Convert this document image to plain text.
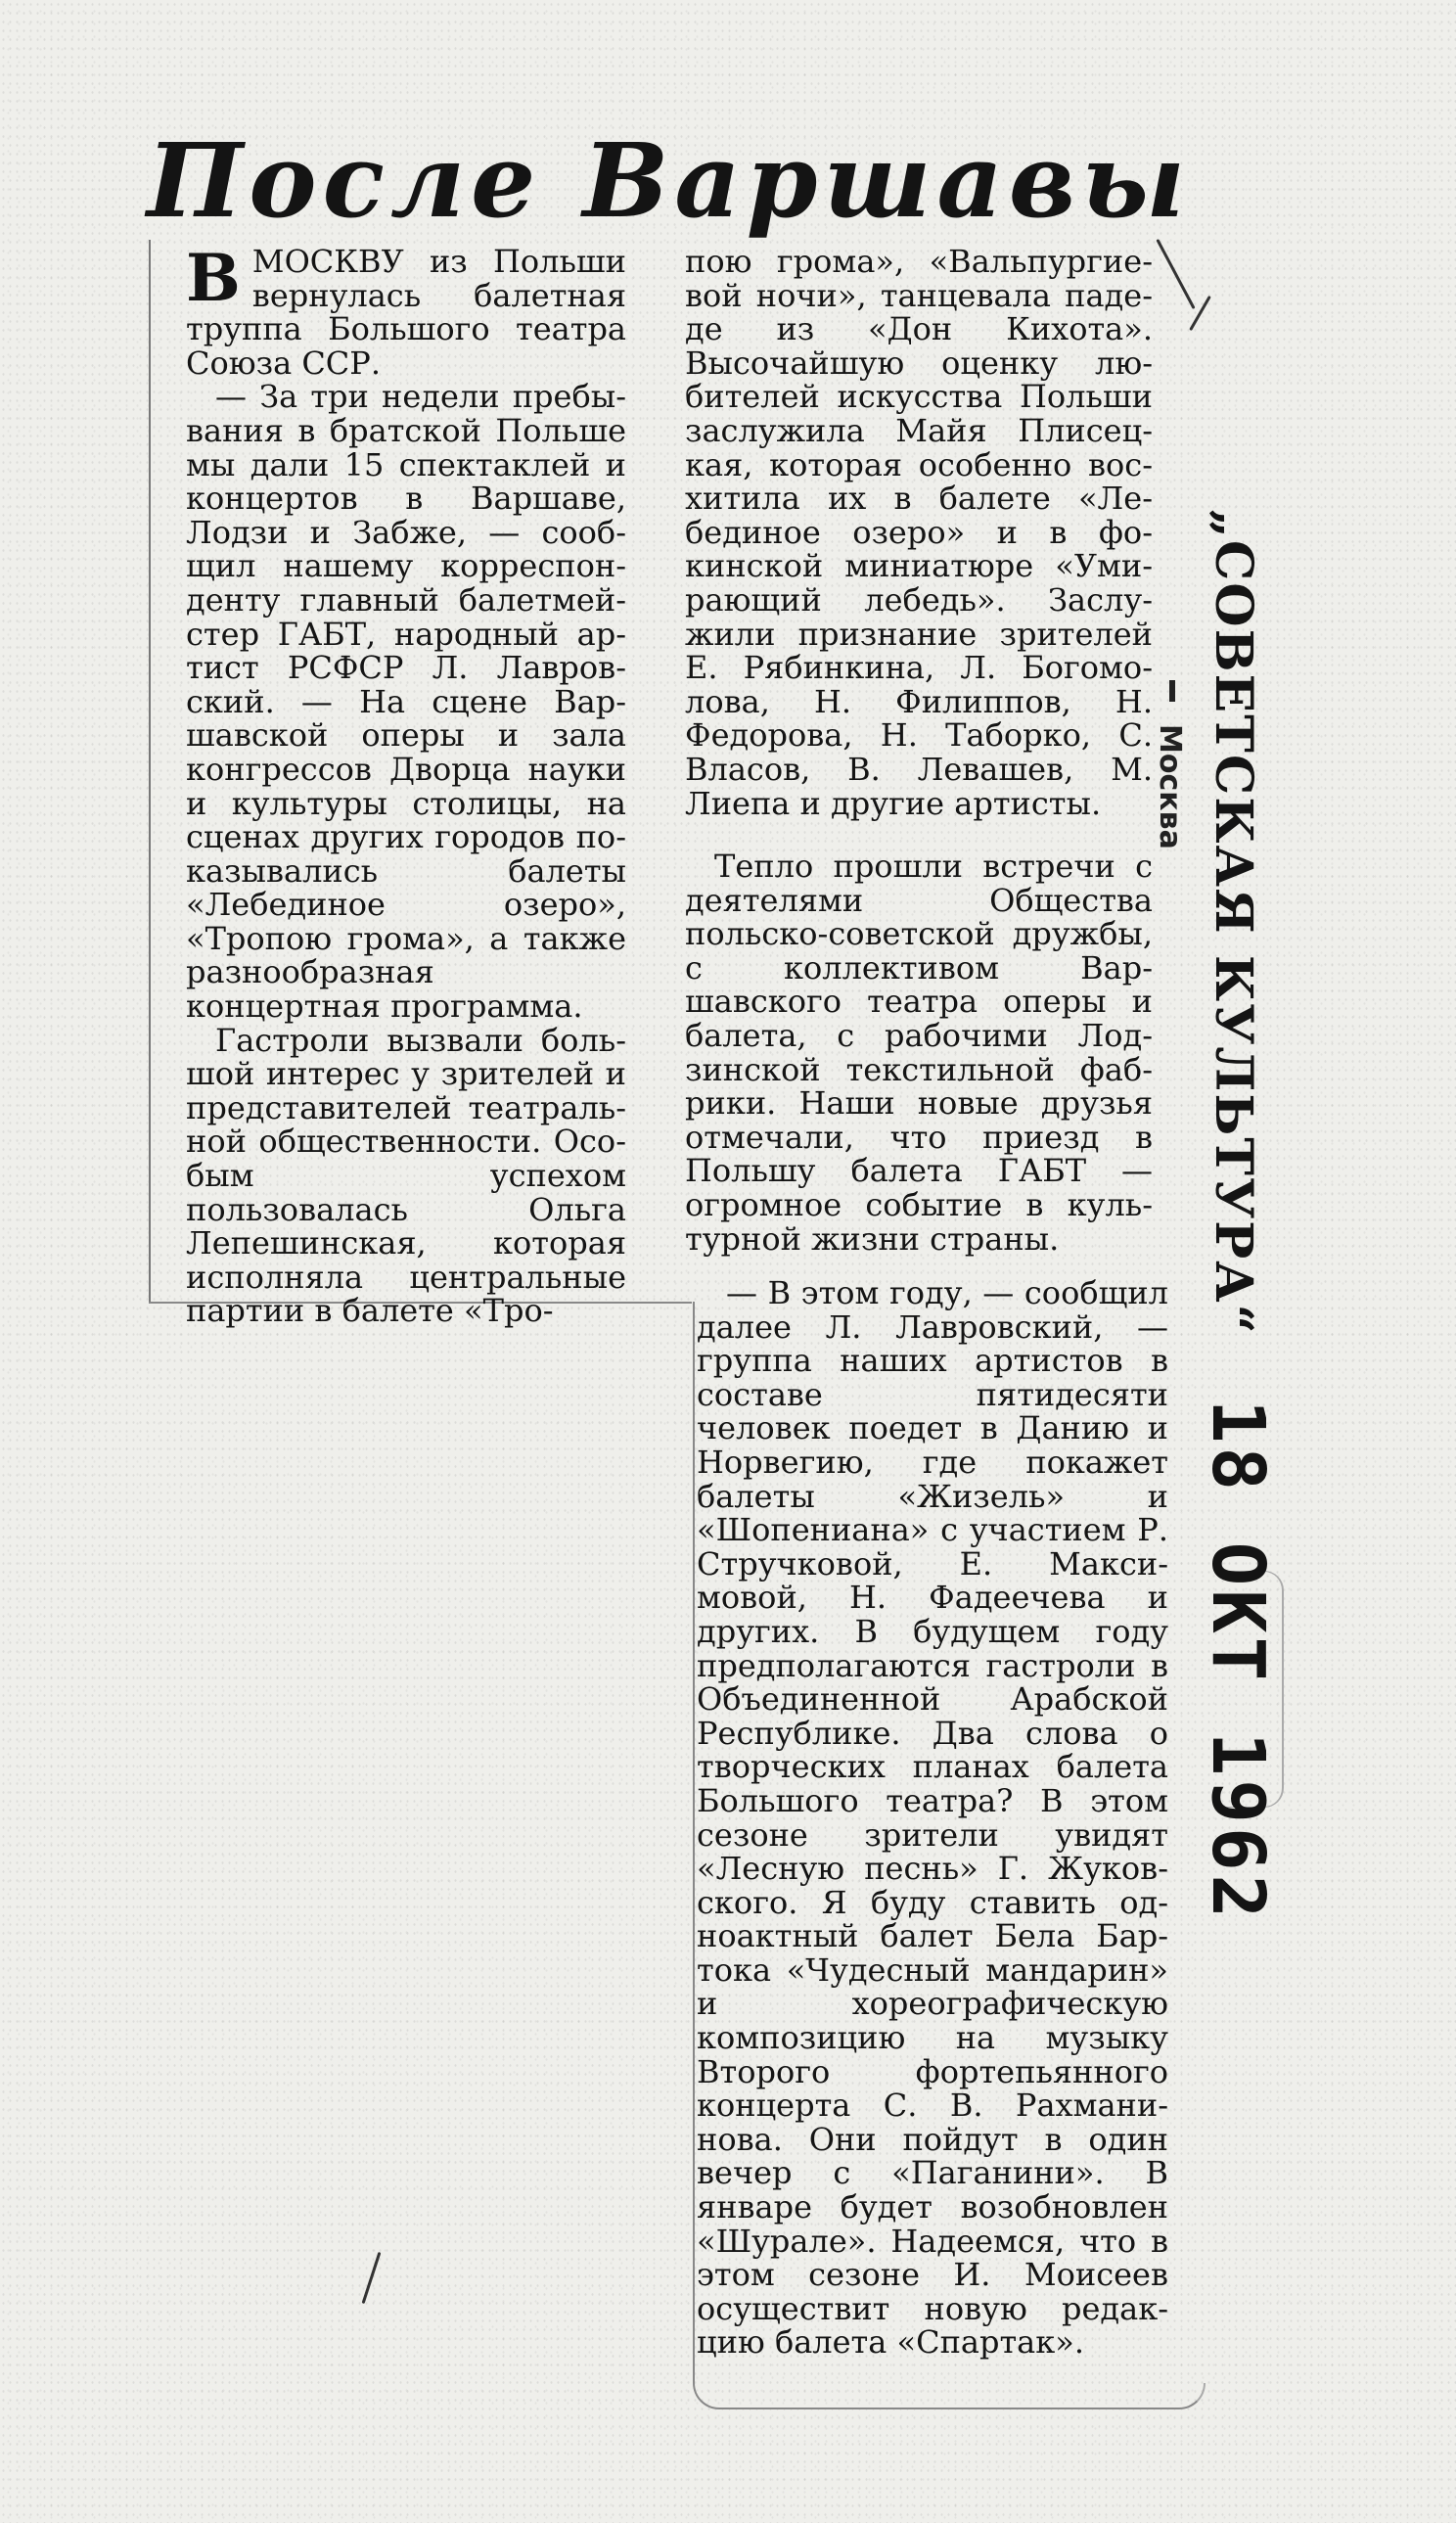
После Варшавы

ВМОСКВУ из Польши вернулась балетная труппа Большого театра Союза ССР.

— За три недели пребывания в братской Польше мы дали 15 спектаклей и концертов в Варшаве, Лодзи и Забже, — сообщил нашему корреспонденту главный балетмейстер ГАБТ, народный артист РСФСР Л. Лавровский. — На сцене Варшавской оперы и зала конгрессов Дворца науки и культуры столицы, на сценах других городов показывались балеты «Лебединое озеро», «Тропою грома», а также разнообразная концертная программа.

Гастроли вызвали большой интерес у зрителей и представителей театральной общественности. Особым успехом пользовалась Ольга Лепешинская, которая исполняла центральные партии в балете «Тро-

пою грома», «Вальпургиевой ночи», танцевала паде-де из «Дон Кихота». Высочайшую оценку любителей искусства Польши заслужила Майя Плисецкая, которая особенно восхитила их в балете «Лебединое озеро» и в фокинской миниатюре «Умирающий лебедь». Заслужили признание зрителей Е. Рябинкина, Л. Богомолова, Н. Филиппов, Н. Федорова, Н. Таборко, С. Власов, В. Левашев, М. Лиепа и другие артисты.

Тепло прошли встречи с деятелями Общества польско-советской дружбы, с коллективом Варшавского театра оперы и балета, с рабочими Лодзинской текстильной фабрики. Наши новые друзья отмечали, что приезд в Польшу балета ГАБТ — огромное событие в культурной жизни страны.

— В этом году, — сообщил далее Л. Лавровский, — группа наших артистов в составе пятидесяти человек поедет в Данию и Норвегию, где покажет балеты «Жизель» и «Шопениана» с участием Р. Стручковой, Е. Максимовой, Н. Фадеечева и других. В будущем году предполагаются гастроли в Объединенной Арабской Республике. Два слова о творческих планах балета Большого театра? В этом сезоне зрители увидят «Лесную песнь» Г. Жуковского. Я буду ставить одноактный балет Бела Бартока «Чудесный мандарин» и хореографическую композицию на музыку Второго фортепьянного концерта С. В. Рахманинова. Они пойдут в один вечер с «Паганини». В январе будет возобновлен «Шурале». Надеемся, что в этом сезоне И. Моисеев осуществит новую редакцию балета «Спартак».

„СОВЕТСКАЯ КУЛЬТУРА“
Москва
18 ОКТ 1962
